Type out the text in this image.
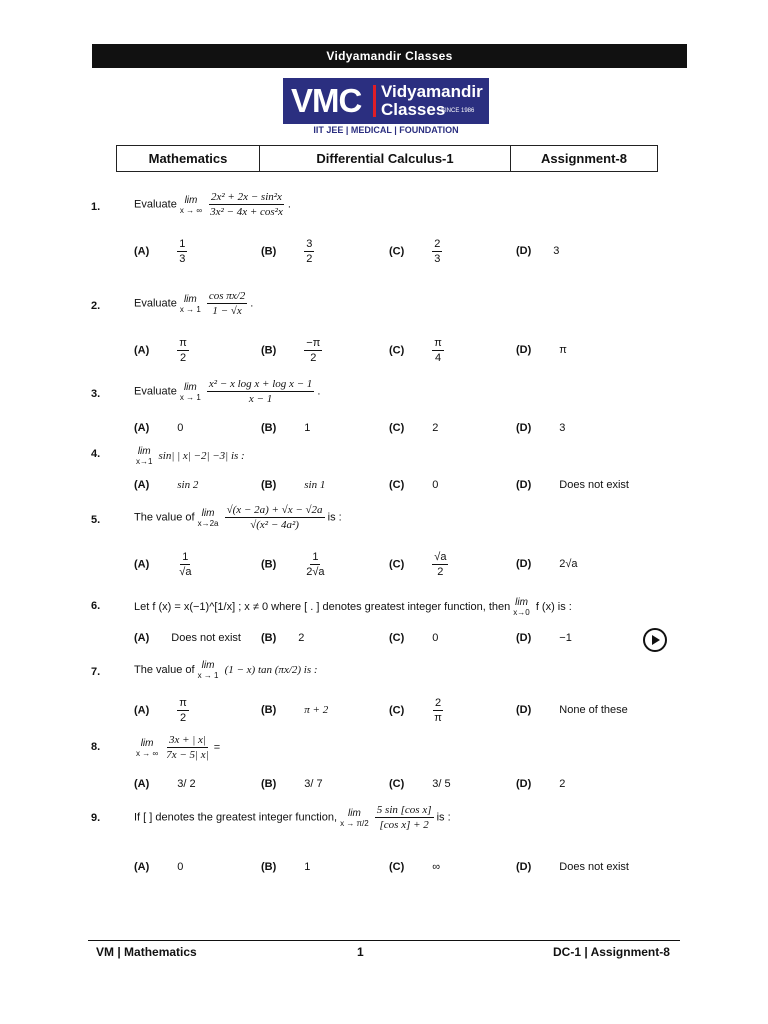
Vidyamandir Classes
VMC Vidyamandir
Classes
SINCE 1986
IIT JEE | MEDICAL | FOUNDATION
Mathematics	Differential Calculus-1	Assignment-8
1.	Evaluate lim
x → ∞
$\frac{\text{2x² + 2x − sin²x}}{\text{3x² − 4x + cos²x}}$ .
(A)	$\frac{1}{3}$	(B)	$\frac{3}{2}$	(C)	$\frac{2}{3}$	(D) 3
2.	Evaluate lim
x → 1
$\frac{\text{cos πx/2}}{1 - √x}$ .
(A)	$\frac{\pi}{2}$	(B)	$\frac{-\pi}{2}$	(C)	$\frac{\pi}{4}$	(D)	π
3.	Evaluate lim
x → 1
$\frac{\text{x² − x log x + log x − 1}}{x - 1}$ .
(A)	0	(B)	1	(C)	2	(D)	3
4.	lim
x→1 sin| | x| −2| −3| is :
(A)	sin 2	(B)	sin 1	(C)	0	(D)	Does not exist
5.	The value of lim
x→2a
$\frac{√(x - 2a) + √x - √2a}{\text{√(x² − 4a²)}}$ is :
(A)	$\frac{1}{√a}$	(B)	$\frac{1}{2√a}$	(C)	$\frac{√a}{2}$	(D)	2√a
6.	Let f (x) = x(−1)^[1/x] ; x ≠ 0 where [ . ] denotes greatest integer function, then lim
x→0 f (x) is :
(A) Does not exist (B) 2	(C)	0	(D)	−1
7.	The value of lim
x → 1 (1 − x) tan (πx/2) is :
(A)	$\frac{\pi}{2}$	(B)	π + 2	(C)	$\frac{2}{\pi}$	(D)	None of these
8.	lim
x → ∞
$\frac{3x + | x|}{7x - 5| x|}$ =
(A)	3/ 2	(B)	3/ 7	(C)	3/ 5	(D)	2
9.	If [ ] denotes the greatest integer function, lim
x → π/2
$\frac{\text{5 sin [cos x]}}{\text{[cos x] + 2}}$ is :
(A)	0	(B)	1	(C)	∞	(D)	Does not exist
VM | Mathematics	1	DC-1 | Assignment-8
